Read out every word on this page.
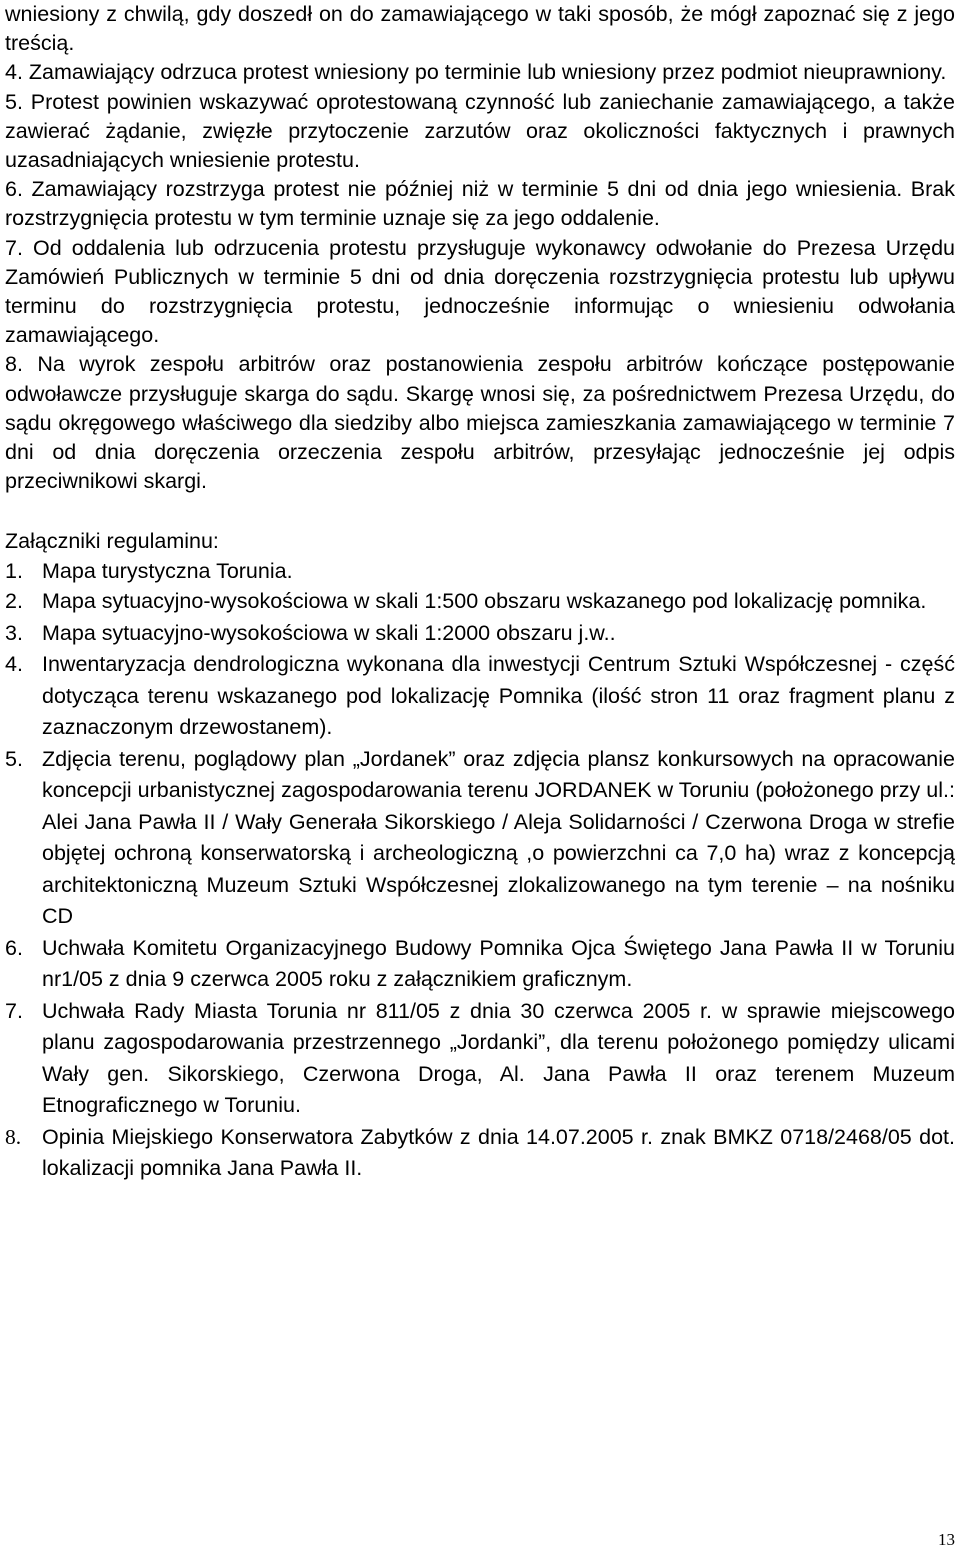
wniesiony z chwilą, gdy doszedł on do zamawiającego w taki sposób, że mógł zapoznać się z jego treścią.

4. Zamawiający odrzuca protest wniesiony po terminie lub wniesiony przez podmiot nieuprawniony.

5. Protest powinien wskazywać oprotestowaną czynność lub zaniechanie zamawiającego, a także zawierać żądanie, zwięzłe przytoczenie zarzutów oraz okoliczności faktycznych i prawnych uzasadniających wniesienie protestu.

6. Zamawiający rozstrzyga protest nie później niż w terminie 5 dni od dnia jego wniesienia. Brak rozstrzygnięcia protestu w tym terminie uznaje się za jego oddalenie.

7. Od oddalenia lub odrzucenia protestu przysługuje wykonawcy odwołanie do Prezesa Urzędu Zamówień Publicznych w terminie 5 dni od dnia doręczenia rozstrzygnięcia protestu lub upływu terminu do rozstrzygnięcia protestu, jednocześnie informując o wniesieniu odwołania zamawiającego.

8. Na wyrok zespołu arbitrów oraz postanowienia zespołu arbitrów kończące postępowanie odwoławcze przysługuje skarga do sądu. Skargę wnosi się, za pośrednictwem Prezesa Urzędu, do sądu okręgowego właściwego dla siedziby albo miejsca zamieszkania zamawiającego w terminie 7 dni od dnia doręczenia orzeczenia zespołu arbitrów, przesyłając jednocześnie jej odpis przeciwnikowi skargi.

Załączniki regulaminu:

1. Mapa turystyczna Torunia.
2. Mapa sytuacyjno-wysokościowa w skali 1:500 obszaru wskazanego pod lokalizację pomnika.
3. Mapa sytuacyjno-wysokościowa w skali 1:2000 obszaru j.w..
4. Inwentaryzacja dendrologiczna wykonana dla inwestycji Centrum Sztuki Współczesnej - część dotycząca terenu wskazanego pod lokalizację Pomnika (ilość stron 11 oraz fragment planu z zaznaczonym drzewostanem).
5. Zdjęcia terenu, poglądowy plan „Jordanek” oraz zdjęcia plansz konkursowych na opracowanie koncepcji urbanistycznej zagospodarowania terenu JORDANEK w Toruniu (położonego przy ul.: Alei Jana Pawła II / Wały Generała Sikorskiego / Aleja Solidarności / Czerwona Droga w strefie objętej ochroną konserwatorską i archeologiczną ,o powierzchni ca 7,0 ha) wraz z koncepcją architektoniczną Muzeum Sztuki Współczesnej zlokalizowanego na tym terenie – na nośniku CD
6. Uchwała Komitetu Organizacyjnego Budowy Pomnika Ojca Świętego Jana Pawła II w Toruniu nr1/05 z dnia 9 czerwca 2005 roku z załącznikiem graficznym.
7. Uchwała Rady Miasta Torunia nr 811/05 z dnia 30 czerwca 2005 r. w sprawie miejscowego planu zagospodarowania przestrzennego „Jordanki”, dla terenu położonego pomiędzy ulicami Wały gen. Sikorskiego, Czerwona Droga, Al. Jana Pawła II oraz terenem Muzeum Etnograficznego w Toruniu.
8. Opinia Miejskiego Konserwatora Zabytków z dnia 14.07.2005 r. znak BMKZ 0718/2468/05 dot. lokalizacji pomnika Jana Pawła II.
13
